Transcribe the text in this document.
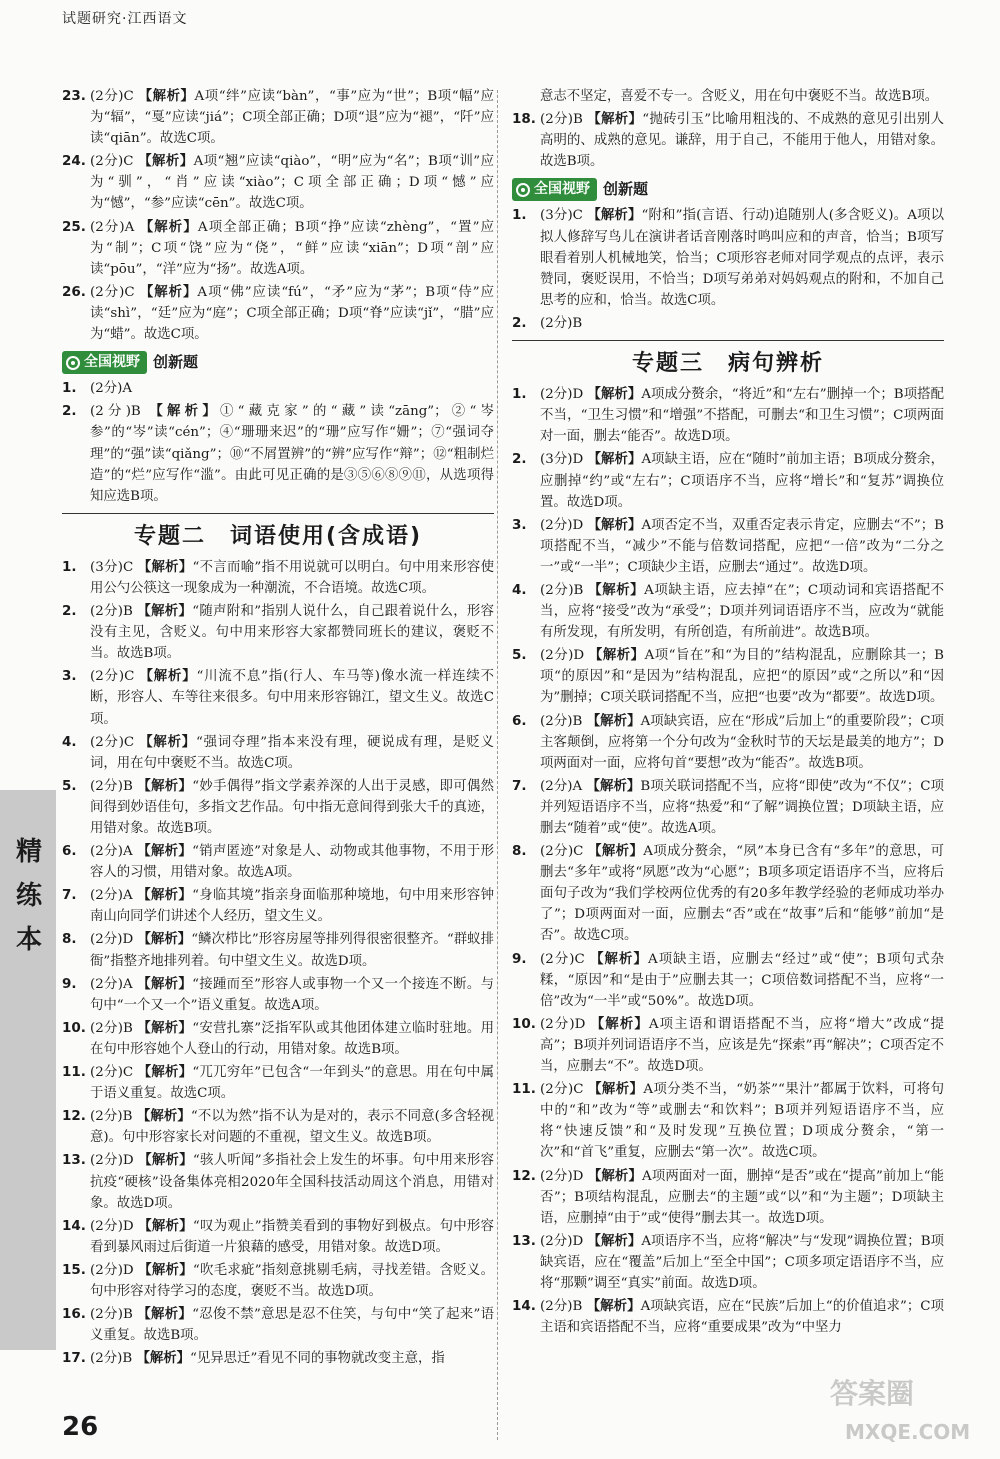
试题研究·江西语文
23. (2分)C 【解析】A项“绊”应读“bàn”，“事”应为“世”；B项“幅”应为“辐”，“戛”应读“jiá”；C项全部正确；D项“退”应为“褪”，“阡”应读“qiān”。故选C项。
24. (2分)C 【解析】A项“翘”应读“qiào”，“明”应为“名”；B项“训”应为“驯”，“肖”应读“xiào”；C项全部正确；D项“憾”应为“憾”，“参”应读“cēn”。故选C项。
25. (2分)A 【解析】A项全部正确；B项“挣”应读“zhèng”，“置”应为“制”；C项“饶”应为“侥”，“鲜”应读“xiān”；D项“剖”应读“pōu”，“洋”应为“扬”。故选A项。
26. (2分)C 【解析】A项“佛”应读“fú”，“矛”应为“茅”；B项“侍”应读“shì”，“廷”应为“庭”；C项全部正确；D项“脊”应读“jǐ”，“腊”应为“蜡”。故选C项。
全国视野 创新题
1. (2分)A
2. (2分)B 【解析】①“藏克家”的“藏”读“zāng”；②“岑参”的“岑”读“cén”；④“珊珊来迟”的“珊”应写作“姗”；⑦“强词夺理”的“强”读“qiǎng”；⑩“不屑置辨”的“辨”应写作“辩”；⑫“粗制烂造”的“烂”应写作“滥”。由此可见正确的是③⑤⑥⑧⑨⑪，从选项得知应选B项。
专题二　词语使用(含成语)
1. (3分)C 【解析】“不言而喻”指不用说就可以明白。句中用来形容使用公勺公筷这一现象成为一种潮流，不合语境。故选C项。
2. (2分)B 【解析】“随声附和”指别人说什么，自己跟着说什么，形容没有主见，含贬义。句中用来形容大家都赞同班长的建议，褒贬不当。故选B项。
3. (2分)C 【解析】“川流不息”指(行人、车马等)像水流一样连续不断，形容人、车等往来很多。句中用来形容锦江，望文生义。故选C项。
4. (2分)C 【解析】“强词夺理”指本来没有理，硬说成有理，是贬义词，用在句中褒贬不当。故选C项。
5. (2分)B 【解析】“妙手偶得”指文学素养深的人出于灵感，即可偶然间得到妙语佳句，多指文艺作品。句中指无意间得到张大千的真迹，用错对象。故选B项。
6. (2分)A 【解析】“销声匿迹”对象是人、动物或其他事物，不用于形容人的习惯，用错对象。故选A项。
7. (2分)A 【解析】“身临其境”指亲身面临那种境地，句中用来形容钟南山向同学们讲述个人经历，望文生义。
8. (2分)D 【解析】“鳞次栉比”形容房屋等排列得很密很整齐。“群蚁排衙”指整齐地排列着。句中望文生义。故选D项。
9. (2分)A 【解析】“接踵而至”形容人或事物一个又一个接连不断。与句中“一个又一个”语义重复。故选A项。
10. (2分)B 【解析】“安营扎寨”泛指军队或其他团体建立临时驻地。用在句中形容她个人登山的行动，用错对象。故选B项。
11. (2分)C 【解析】“兀兀穷年”已包含“一年到头”的意思。用在句中属于语义重复。故选C项。
12. (2分)B 【解析】“不以为然”指不认为是对的，表示不同意(多含轻视意)。句中形容家长对问题的不重视，望文生义。故选B项。
13. (2分)D 【解析】“骇人听闻”多指社会上发生的坏事。句中用来形容抗疫“硬核”设备集体亮相2020年全国科技活动周这个消息，用错对象。故选D项。
14. (2分)D 【解析】“叹为观止”指赞美看到的事物好到极点。句中形容看到暴风雨过后街道一片狼藉的感受，用错对象。故选D项。
15. (2分)D 【解析】“吹毛求疵”指刻意挑剔毛病，寻找差错。含贬义。句中形容对待学习的态度，褒贬不当。故选D项。
16. (2分)B 【解析】“忍俊不禁”意思是忍不住笑，与句中“笑了起来”语义重复。故选B项。
17. (2分)B 【解析】“见异思迁”看见不同的事物就改变主意，指
意志不坚定，喜爱不专一。含贬义，用在句中褒贬不当。故选B项。
18. (2分)B 【解析】“抛砖引玉”比喻用粗浅的、不成熟的意见引出别人高明的、成熟的意见。谦辞，用于自己，不能用于他人，用错对象。故选B项。
全国视野 创新题
1. (3分)C 【解析】“附和”指(言语、行动)追随别人(多含贬义)。A项以拟人修辞写鸟儿在演讲者话音刚落时鸣叫应和的声音，恰当；B项写眼看着别人机械地笑，恰当；C项形容老师对同学观点的点评，表示赞同，褒贬误用，不恰当；D项写弟弟对妈妈观点的附和，不加自己思考的应和，恰当。故选C项。
2. (2分)B
专题三　病句辨析
1. (2分)D 【解析】A项成分赘余，“将近”和“左右”删掉一个；B项搭配不当，“卫生习惯”和“增强”不搭配，可删去“和卫生习惯”；C项两面对一面，删去“能否”。故选D项。
2. (3分)D 【解析】A项缺主语，应在“随时”前加主语；B项成分赘余，应删掉“约”或“左右”；C项语序不当，应将“增长”和“复苏”调换位置。故选D项。
3. (2分)D 【解析】A项否定不当，双重否定表示肯定，应删去“不”；B项搭配不当，“减少”不能与倍数词搭配，应把“一倍”改为“二分之一”或“一半”；C项缺少主语，应删去“通过”。故选D项。
4. (2分)B 【解析】A项缺主语，应去掉“在”；C项动词和宾语搭配不当，应将“接受”改为“承受”；D项并列词语语序不当，应改为“就能有所发现，有所发明，有所创造，有所前进”。故选B项。
5. (2分)D 【解析】A项“旨在”和“为目的”结构混乱，应删除其一；B项“的原因”和“是因为”结构混乱，应把“的原因”或“之所以”和“因为”删掉；C项关联词搭配不当，应把“也要”改为“都要”。故选D项。
6. (2分)B 【解析】A项缺宾语，应在“形成”后加上“的重要阶段”；C项主客颠倒，应将第一个分句改为“金秋时节的天坛是最美的地方”；D项两面对一面，应将句首“要想”改为“能否”。故选B项。
7. (2分)A 【解析】B项关联词搭配不当，应将“即使”改为“不仅”；C项并列短语语序不当，应将“热爱”和“了解”调换位置；D项缺主语，应删去“随着”或“使”。故选A项。
8. (2分)C 【解析】A项成分赘余，“夙”本身已含有“多年”的意思，可删去“多年”或将“夙愿”改为“心愿”；B项多项定语语序不当，应将后面句子改为“我们学校两位优秀的有20多年教学经验的老师成功举办了”；D项两面对一面，应删去“否”或在“故事”后和“能够”前加“是否”。故选C项。
9. (2分)C 【解析】A项缺主语，应删去“经过”或“使”；B项句式杂糅，“原因”和“是由于”应删去其一；C项倍数词搭配不当，应将“一倍”改为“一半”或“50%”。故选D项。
10. (2分)D 【解析】A项主语和谓语搭配不当，应将“增大”改成“提高”；B项并列词语语序不当，应该是先“探索”再“解决”；C项否定不当，应删去“不”。故选D项。
11. (2分)C 【解析】A项分类不当，“奶茶”“果汁”都属于饮料，可将句中的“和”改为“等”或删去“和饮料”；B项并列短语语序不当，应将“快速反馈”和“及时发现”互换位置；D项成分赘余，“第一次”和“首飞”重复，应删去“第一次”。故选C项。
12. (2分)D 【解析】A项两面对一面，删掉“是否”或在“提高”前加上“能否”；B项结构混乱，应删去“的主题”或“以”和“为主题”；D项缺主语，应删掉“由于”或“使得”删去其一。故选D项。
13. (2分)D 【解析】A项语序不当，应将“解决”与“发现”调换位置；B项缺宾语，应在“覆盖”后加上“至全中国”；C项多项定语语序不当，应将“那颗”调至“真实”前面。故选D项。
14. (2分)B 【解析】A项缺宾语，应在“民族”后加上“的价值追求”；C项主语和宾语搭配不当，应将“重要成果”改为“中坚力
精练本
26
答案圈
MXQE.COM
